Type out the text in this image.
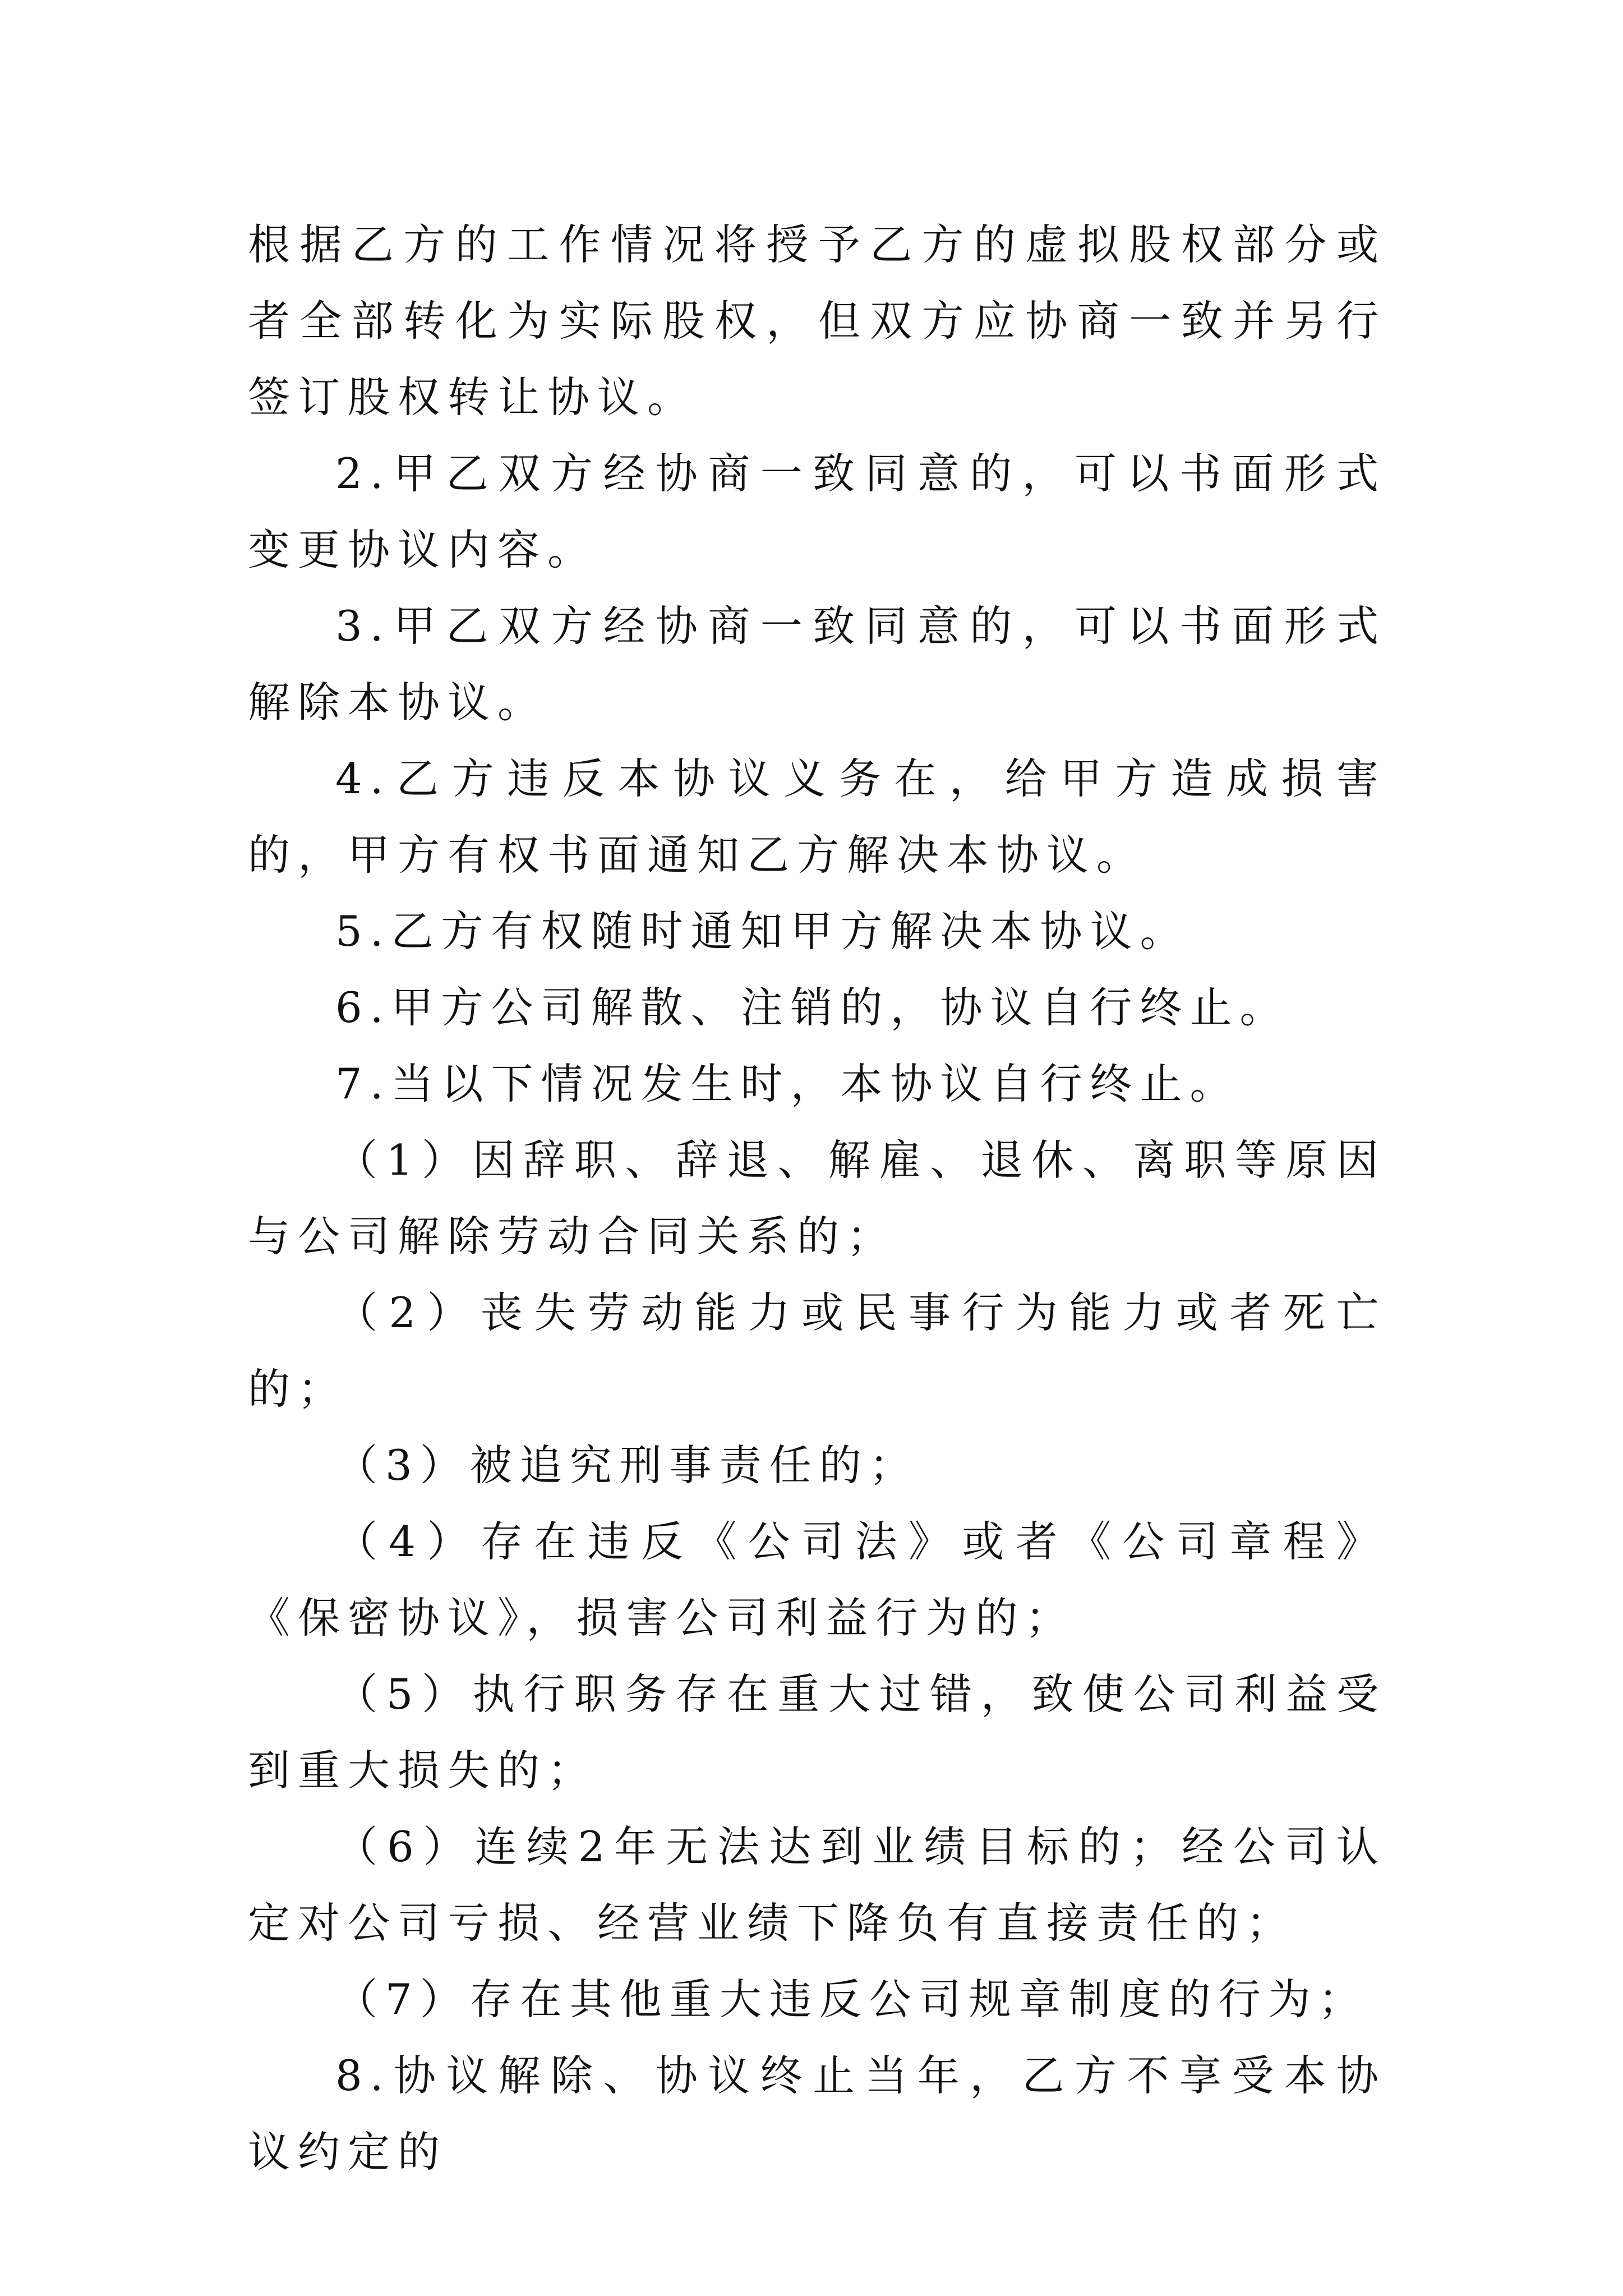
根据乙方的工作情况将授予乙方的虚拟股权部分或者全部转化为实际股权，但双方应协商一致并另行签订股权转让协议。

2.甲乙双方经协商一致同意的，可以书面形式变更协议内容。

3.甲乙双方经协商一致同意的，可以书面形式解除本协议。

4.乙方违反本协议义务在，给甲方造成损害的，甲方有权书面通知乙方解决本协议。

5.乙方有权随时通知甲方解决本协议。

6.甲方公司解散、注销的，协议自行终止。

7.当以下情况发生时，本协议自行终止。

（1）因辞职、辞退、解雇、退休、离职等原因与公司解除劳动合同关系的；

（2）丧失劳动能力或民事行为能力或者死亡的；

（3）被追究刑事责任的；

（4）存在违反《公司法》或者《公司章程》《保密协议》，损害公司利益行为的；

（5）执行职务存在重大过错，致使公司利益受到重大损失的；

（6）连续2年无法达到业绩目标的；经公司认定对公司亏损、经营业绩下降负有直接责任的；

（7）存在其他重大违反公司规章制度的行为；

8.协议解除、协议终止当年，乙方不享受本协议约定的
